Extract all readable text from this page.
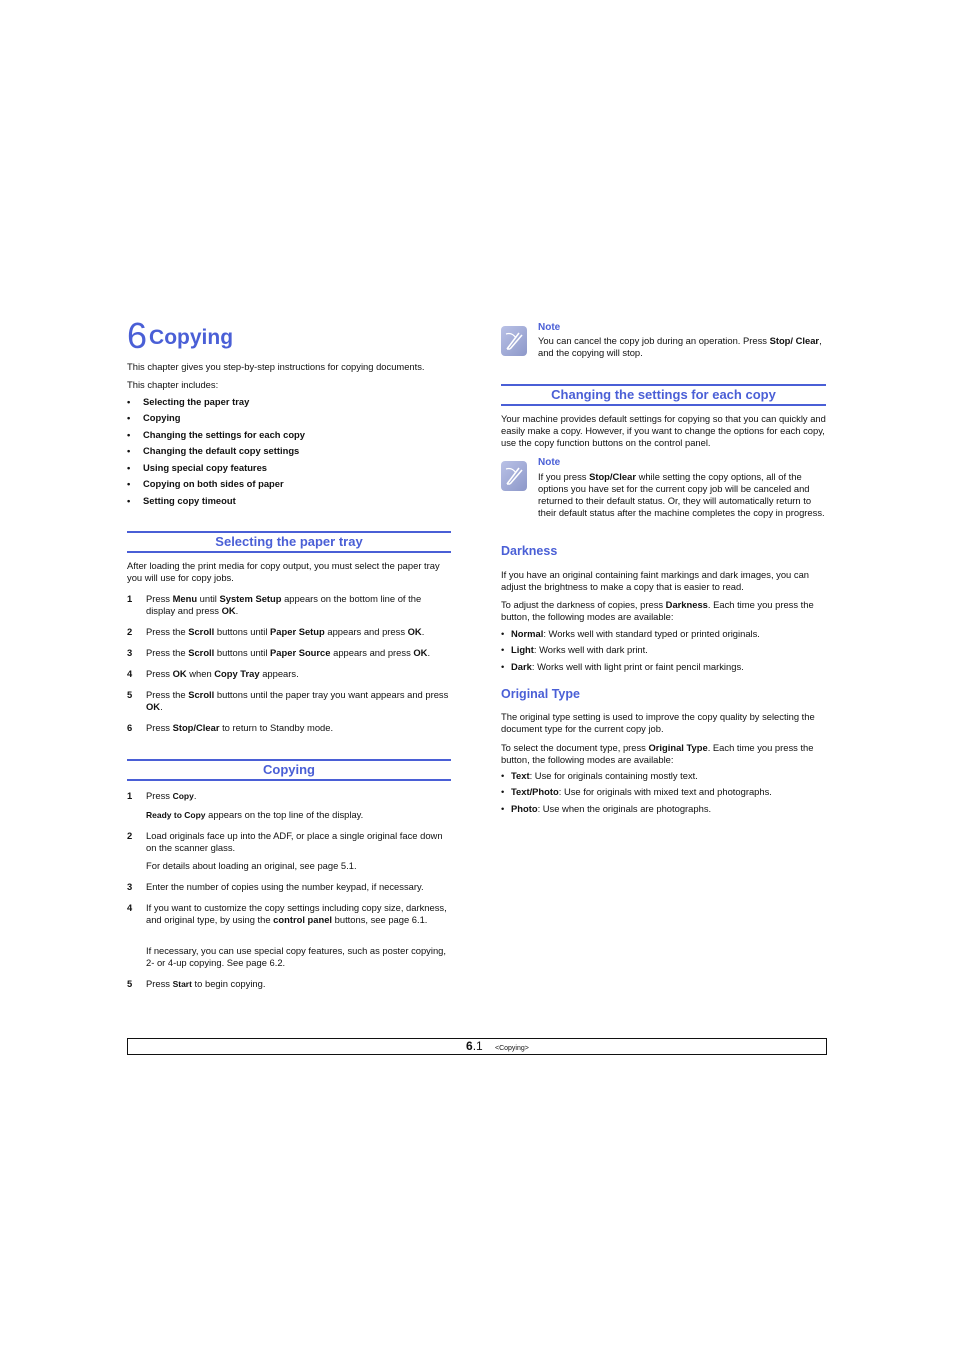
6Copying

This chapter gives you step-by-step instructions for copying documents.

This chapter includes:

• Selecting the paper tray
• Copying
• Changing the settings for each copy
• Changing the default copy settings
• Using special copy features
• Copying on both sides of paper
• Setting copy timeout
Selecting the paper tray

After loading the print media for copy output, you must select the paper tray you will use for copy jobs.

1 Press Menu until System Setup appears on the bottom line of the display and press OK.
2 Press the Scroll buttons until Paper Setup appears and press OK.
3 Press the Scroll buttons until Paper Source appears and press OK.
4 Press OK when Copy Tray appears.
5 Press the Scroll buttons until the paper tray you want appears and press OK.
6 Press Stop/Clear to return to Standby mode.
Copying
1 Press Copy.
Ready to Copy appears on the top line of the display.
2 Load originals face up into the ADF, or place a single original face down on the scanner glass.
For details about loading an original, see page 5.1.
3 Enter the number of copies using the number keypad, if necessary.
4 If you want to customize the copy settings including copy size, darkness, and original type, by using the control panel buttons, see page 6.1.
If necessary, you can use special copy features, such as poster copying, 2- or 4-up copying. See page 6.2.
5 Press Start to begin copying.
Note

You can cancel the copy job during an operation. Press Stop/ Clear, and the copying will stop.

Changing the settings for each copy

Your machine provides default settings for copying so that you can quickly and easily make a copy. However, if you want to change the options for each copy, use the copy function buttons on the control panel.

Note

If you press Stop/Clear while setting the copy options, all of the options you have set for the current copy job will be canceled and returned to their default status. Or, they will automatically return to their default status after the machine completes the copy in progress.

Darkness

If you have an original containing faint markings and dark images, you can adjust the brightness to make a copy that is easier to read.

To adjust the darkness of copies, press Darkness. Each time you press the button, the following modes are available:

• Normal: Works well with standard typed or printed originals.
• Light: Works well with dark print.
• Dark: Works well with light print or faint pencil markings.
Original Type

The original type setting is used to improve the copy quality by selecting the document type for the current copy job.

To select the document type, press Original Type. Each time you press the button, the following modes are available:

• Text: Use for originals containing mostly text.
• Text/Photo: Use for originals with mixed text and photographs.
• Photo: Use when the originals are photographs.
6.1 <Copying>
